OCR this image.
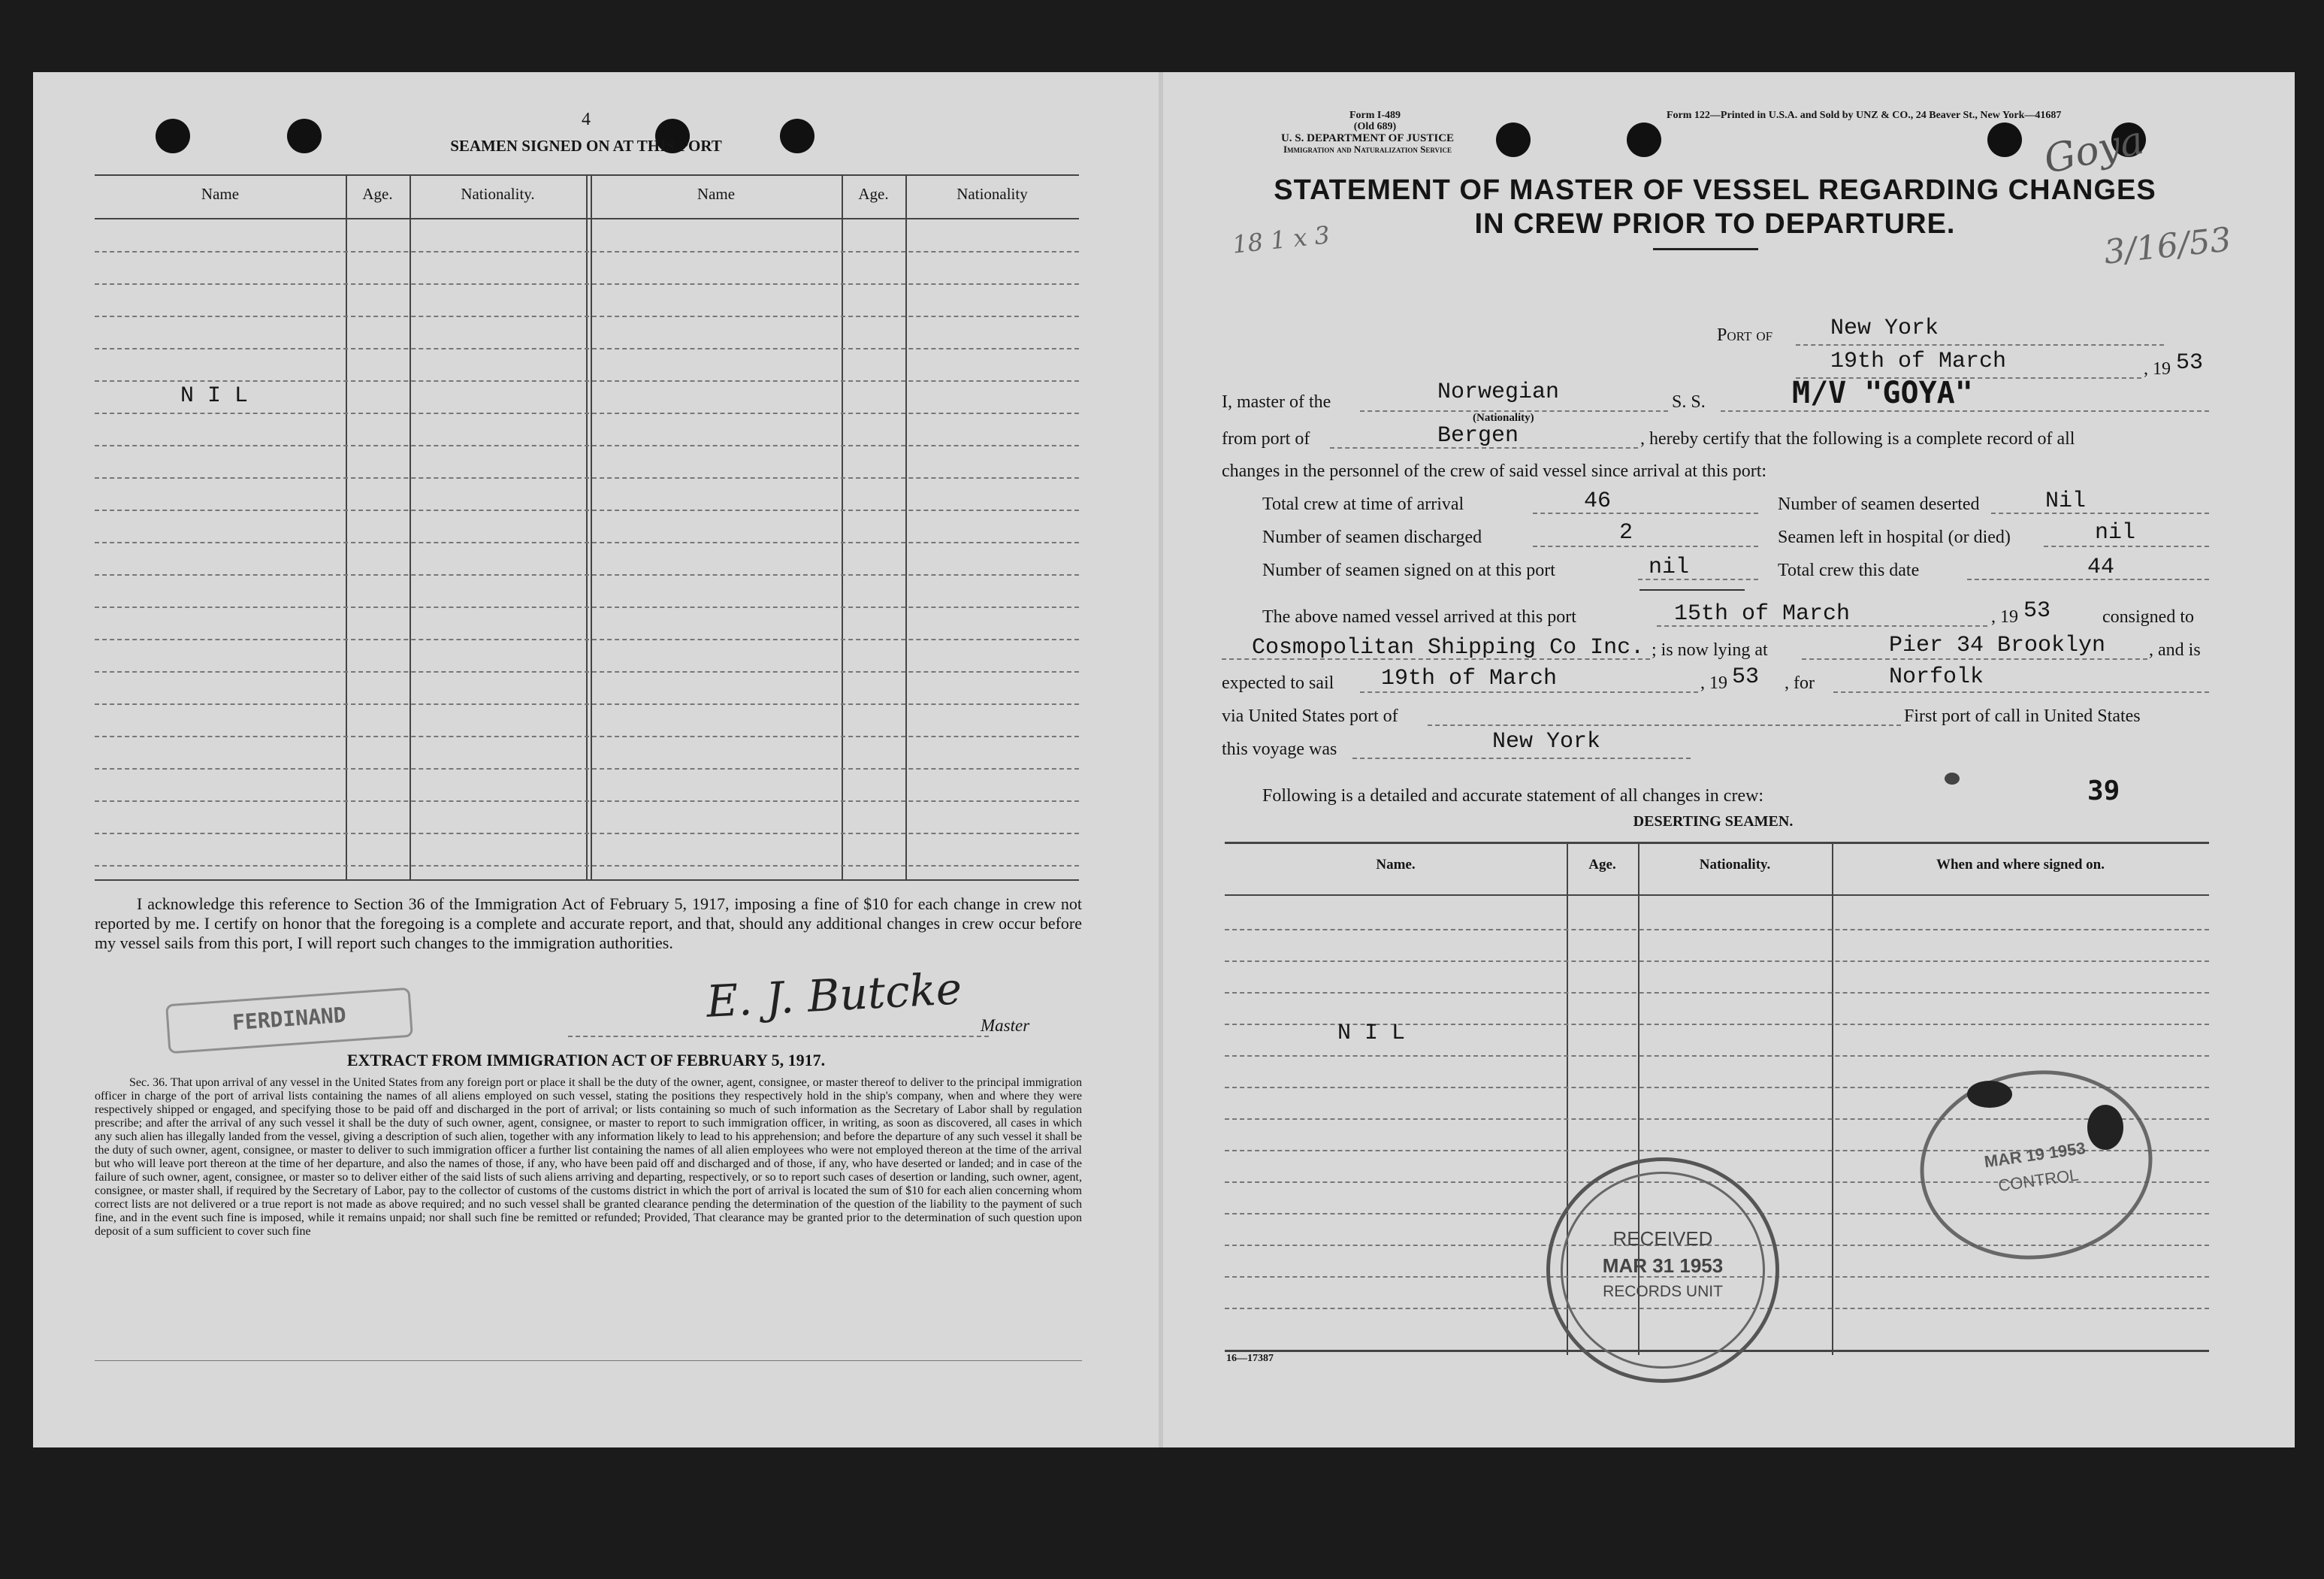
4
SEAMEN SIGNED ON AT THIS PORT
Name	Age.	Nationality.	Name	Age.	Nationality
N I L
I acknowledge this reference to Section 36 of the Immigration Act of February 5, 1917, imposing a fine of $10 for each change in crew not reported by me. I certify on honor that the foregoing is a complete and accurate report, and that, should any additional changes in crew occur before my vessel sails from this port, I will report such changes to the immigration authorities.
FERDINAND	E. J. Butcke Master
EXTRACT FROM IMMIGRATION ACT OF FEBRUARY 5, 1917.
Sec. 36. That upon arrival of any vessel in the United States from any foreign port or place it shall be the duty of the owner, agent, consignee, or master thereof to deliver to the principal immigration officer in charge of the port of arrival lists containing the names of all aliens employed on such vessel, stating the positions they respectively hold in the ship's company, when and where they were respectively shipped or engaged, and specifying those to be paid off and discharged in the port of arrival; or lists containing so much of such information as the Secretary of Labor shall by regulation prescribe; and after the arrival of any such vessel it shall be the duty of such owner, agent, consignee, or master to report to such immigration officer, in writing, as soon as discovered, all cases in which any such alien has illegally landed from the vessel, giving a description of such alien, together with any information likely to lead to his apprehension; and before the departure of any such vessel it shall be the duty of such owner, agent, consignee, or master to deliver to such immigration officer a further list containing the names of all alien employees who were not employed thereon at the time of the arrival but who will leave port thereon at the time of her departure, and also the names of those, if any, who have been paid off and discharged and of those, if any, who have deserted or landed; and in case of the failure of such owner, agent, consignee, or master so to deliver either of the said lists of such aliens arriving and departing, respectively, or so to report such cases of desertion or landing, such owner, agent, consignee, or master shall, if required by the Secretary of Labor, pay to the collector of customs of the customs district in which the port of arrival is located the sum of $10 for each alien concerning whom correct lists are not delivered or a true report is not made as above required; and no such vessel shall be granted clearance pending the determination of the question of the liability to the payment of such fine, and in the event such fine is imposed, while it remains unpaid; nor shall such fine be remitted or refunded; Provided, That clearance may be granted prior to the determination of such question upon deposit of a sum sufficient to cover such fine
Form I-489
(Old 689)
U. S. DEPARTMENT OF JUSTICE
Immigration and Naturalization Service
Form 122—Printed in U.S.A. and Sold by UNZ & CO., 24 Beaver St., New York—41687
Goya
3/16/53
18 1 x 3
STATEMENT OF MASTER OF VESSEL REGARDING CHANGES
IN CREW PRIOR TO DEPARTURE.
Port of	New York
19th of March	, 19 53
I, master of the	Norwegian
(Nationality)
S. S.	M/V "GOYA"
from port of	Bergen	, hereby certify that the following is a complete record of all
changes in the personnel of the crew of said vessel since arrival at this port:
Total crew at time of arrival	46	Number of seamen deserted	Nil
Number of seamen discharged	2	Seamen left in hospital (or died)	nil
Number of seamen signed on at this port	nil	Total crew this date	44
The above named vessel arrived at this port	15th of March	, 19 53	consigned to
Cosmopolitan Shipping Co Inc. ; is now lying at	Pier 34 Brooklyn , and is
expected to sail 19th of March	, 19 53 , for	Norfolk
via United States port of	First port of call in United States
this voyage was	New York
Following is a detailed and accurate statement of all changes in crew:	39
DESERTING SEAMEN.
Name.	Age.	Nationality.	When and where signed on.
N I L
RECEIVED
MAR 31 1953
RECORDS UNIT
MAR 19 1953
CONTROL
16—17387
